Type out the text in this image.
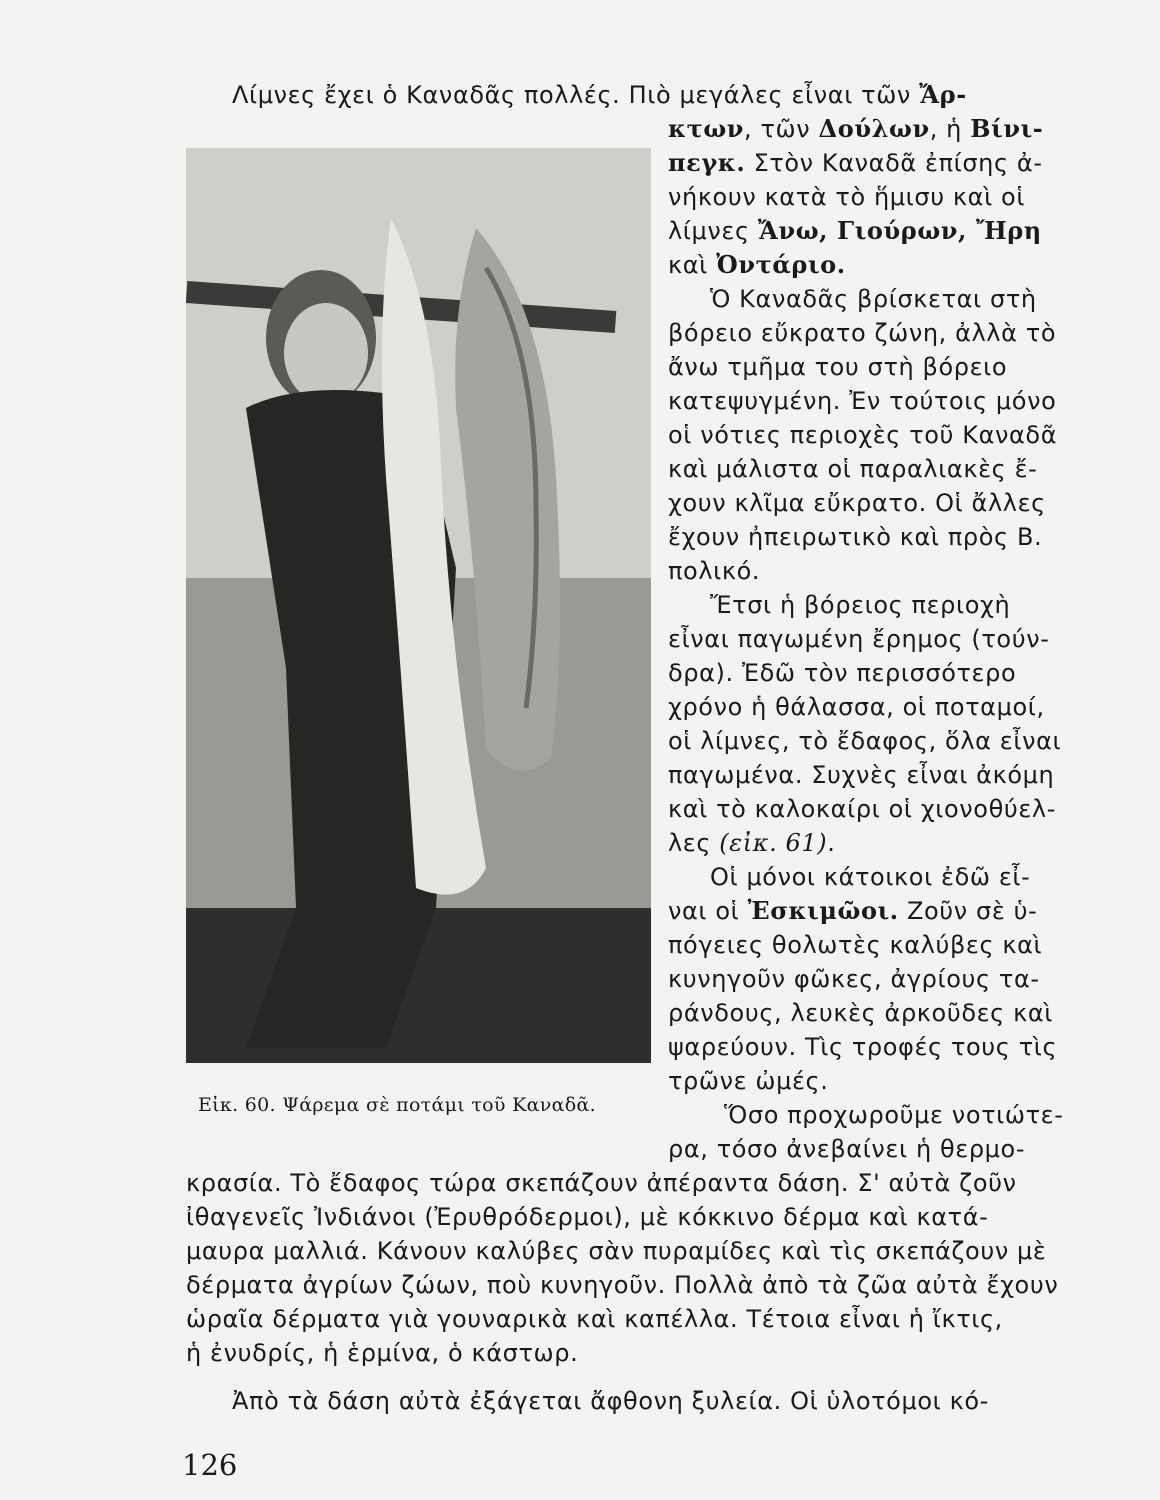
Εἰκ. 60. Ψάρεμα σὲ ποτάμι τοῦ Καναδᾶ.
Λίμνες ἔχει ὁ Καναδᾶς πολλές. Πιὸ μεγάλες εἶναι τῶν Ἄρ-
κτων, τῶν Δούλων, ἡ Βίνι-
πεγκ. Στὸν Καναδᾶ ἐπίσης ἀ-
νήκουν κατὰ τὸ ἥμισυ καὶ οἱ
λίμνες Ἄνω, Γιούρων, Ἤρη
καὶ Ὀντάριο.
Ὁ Καναδᾶς βρίσκεται στὴ
βόρειο εὔκρατο ζώνη, ἀλλὰ τὸ
ἄνω τμῆμα του στὴ βόρειο
κατεψυγμένη. Ἐν τούτοις μόνο
οἱ νότιες περιοχὲς τοῦ Καναδᾶ
καὶ μάλιστα οἱ παραλιακὲς ἔ-
χουν κλῖμα εὔκρατο. Οἱ ἄλλες
ἔχουν ἠπειρωτικὸ καὶ πρὸς Β.
πολικό.
Ἔτσι ἡ βόρειος περιοχὴ
εἶναι παγωμένη ἔρημος (τούν-
δρα). Ἐδῶ τὸν περισσότερο
χρόνο ἡ θάλασσα, οἱ ποταμοί,
οἱ λίμνες, τὸ ἔδαφος, ὅλα εἶναι
παγωμένα. Συχνὲς εἶναι ἀκόμη
καὶ τὸ καλοκαίρι οἱ χιονοθύελ-
λες (εἰκ. 61).
Οἱ μόνοι κάτοικοι ἐδῶ εἶ-
ναι οἱ Ἐσκιμῶοι. Ζοῦν σὲ ὑ-
πόγειες θολωτὲς καλύβες καὶ
κυνηγοῦν φῶκες, ἀγρίους τα-
ράνδους, λευκὲς ἀρκοῦδες καὶ
ψαρεύουν. Τὶς τροφές τους τὶς
τρῶνε ὠμές.
Ὅσο προχωροῦμε νοτιώτε-
ρα, τόσο ἀνεβαίνει ἡ θερμο-
κρασία. Τὸ ἔδαφος τώρα σκεπάζουν ἀπέραντα δάση. Σ' αὐτὰ ζοῦν
ἰθαγενεῖς Ἰνδιάνοι (Ἐρυθρόδερμοι), μὲ κόκκινο δέρμα καὶ κατά-
μαυρα μαλλιά. Κάνουν καλύβες σὰν πυραμίδες καὶ τὶς σκεπάζουν μὲ
δέρματα ἀγρίων ζώων, ποὺ κυνηγοῦν. Πολλὰ ἀπὸ τὰ ζῶα αὐτὰ ἔχουν
ὡραῖα δέρματα γιὰ γουναρικὰ καὶ καπέλλα. Τέτοια εἶναι ἡ ἴκτις,
ἡ ἐνυδρίς, ἡ ἑρμίνα, ὁ κάστωρ.
Ἀπὸ τὰ δάση αὐτὰ ἐξάγεται ἄφθονη ξυλεία. Οἱ ὑλοτόμοι κό-
126
